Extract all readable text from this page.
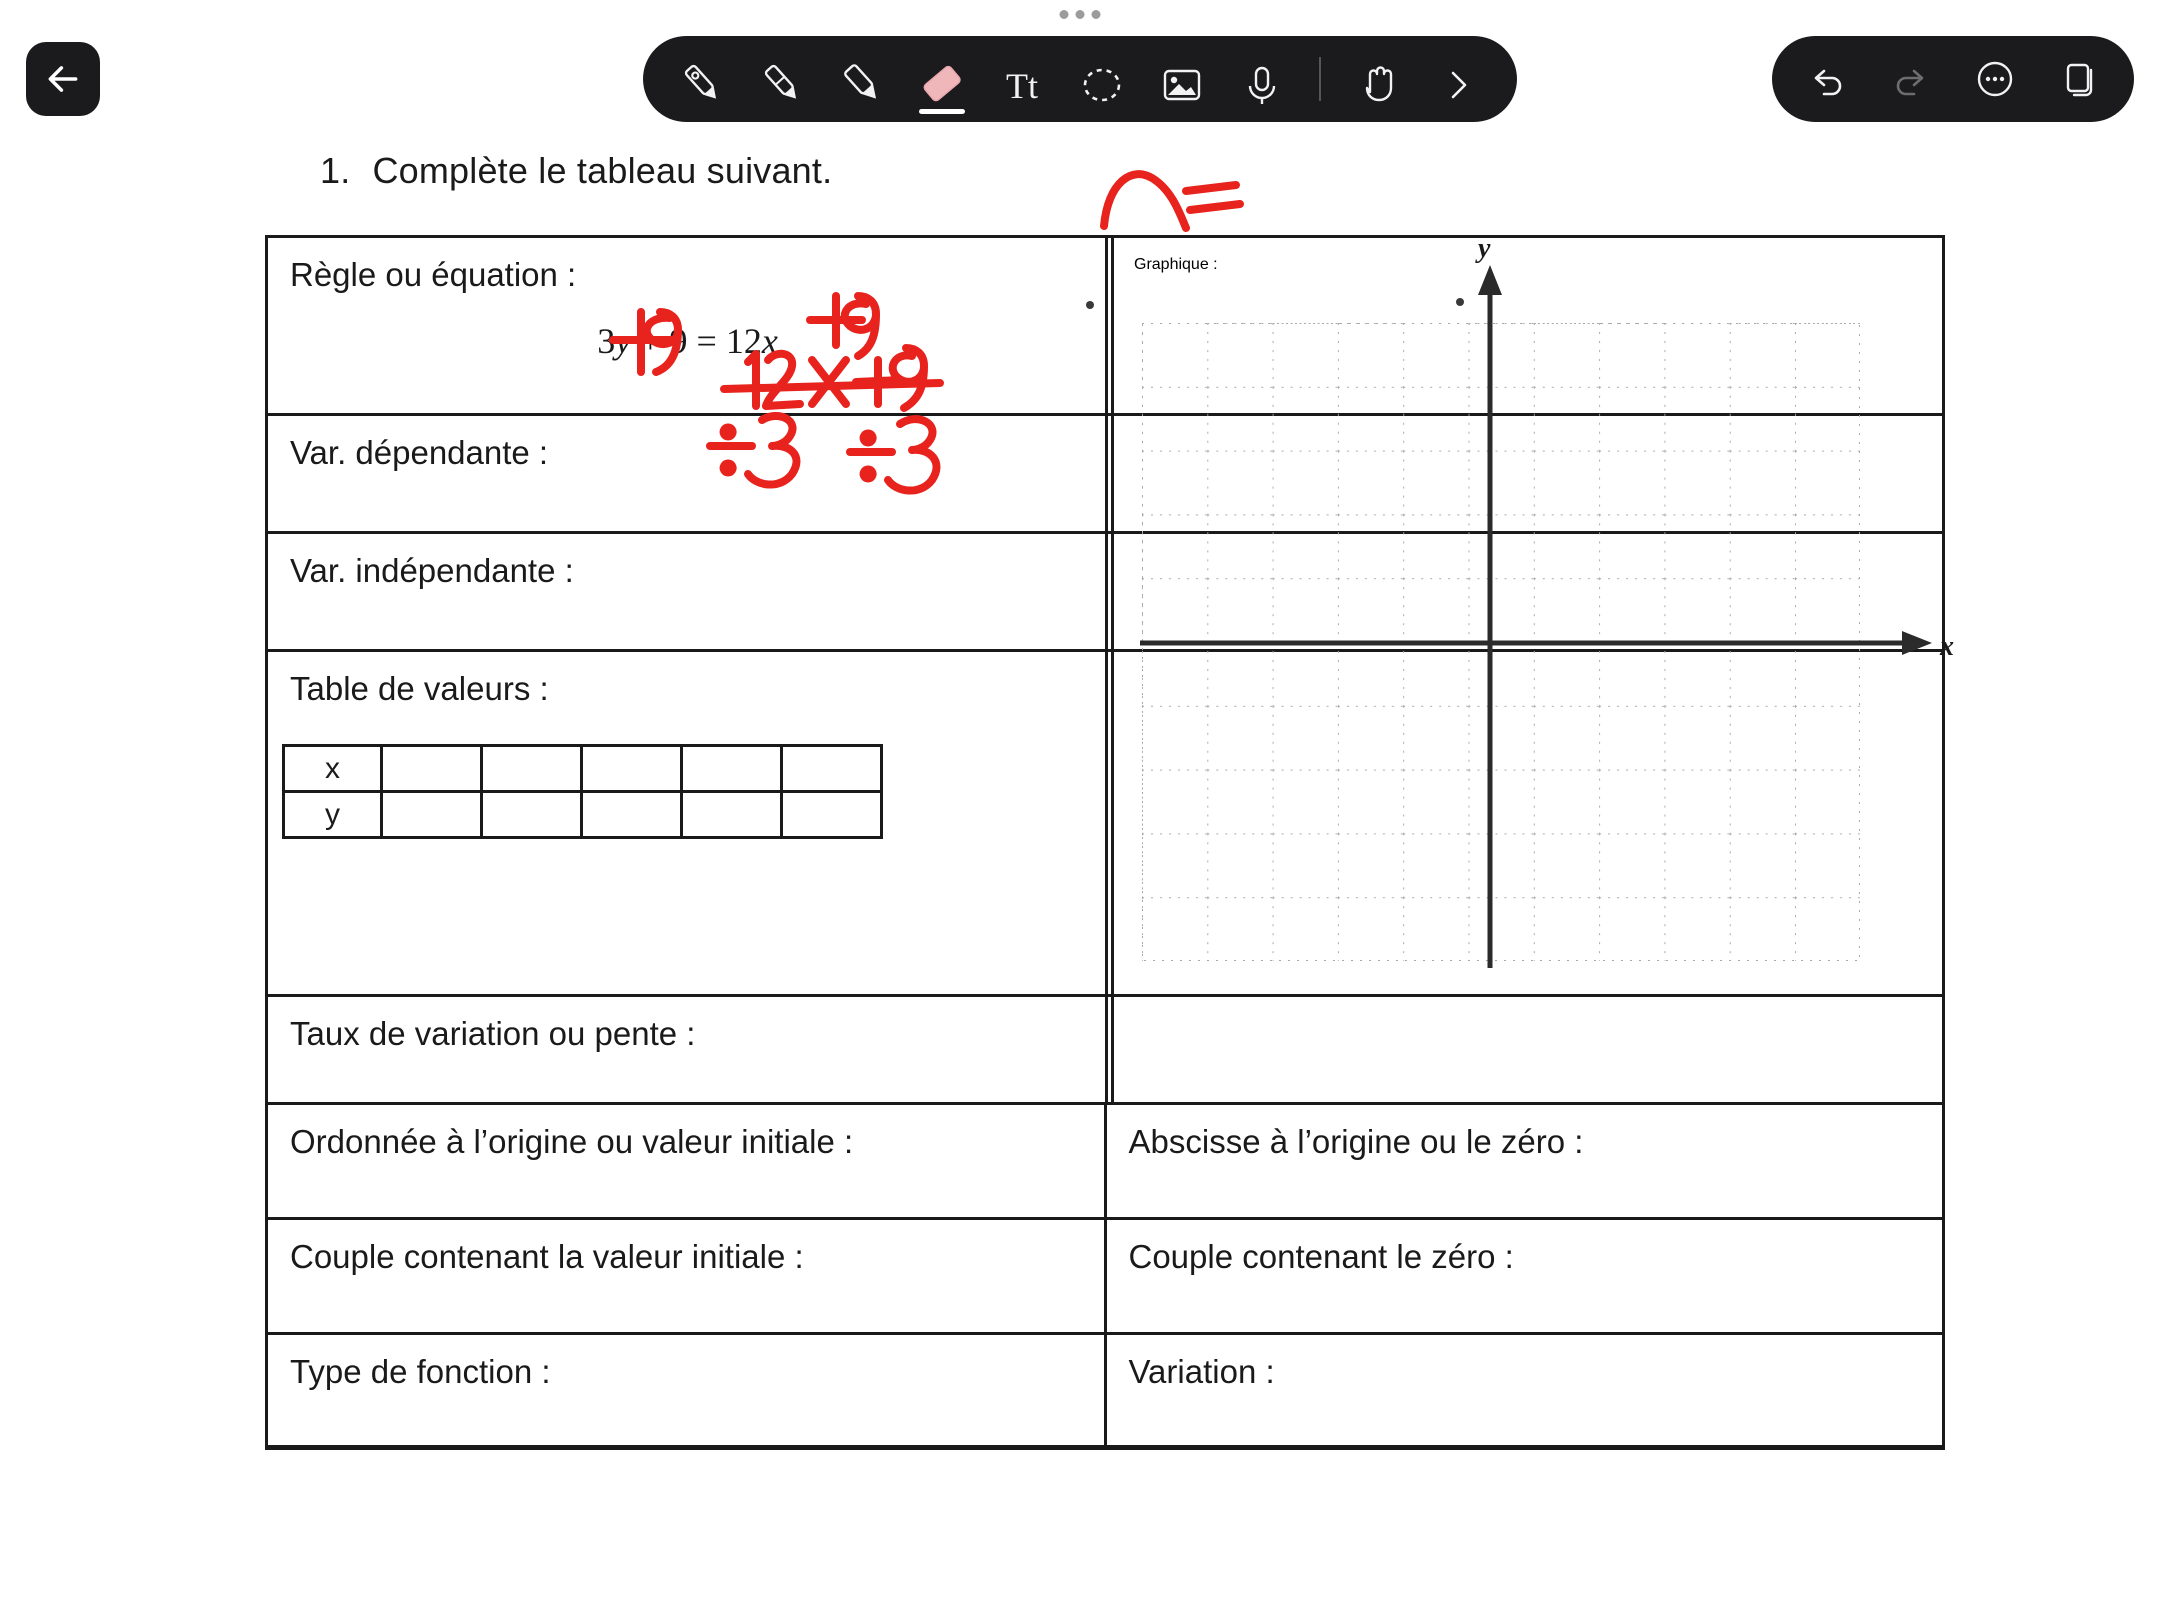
Tt
1. Complète le tableau suivant.
Règle ou équation :
3y + 9 = 12x
Var. dépendante :
Var. indépendante :
Table de valeurs :
x					
y					
Taux de variation ou pente :
Ordonnée à l’origine ou valeur initiale :	Abscisse à l’origine ou le zéro :
Couple contenant la valeur initiale :	Couple contenant le zéro :
Type de fonction :	Variation :
Graphique :
x
y
